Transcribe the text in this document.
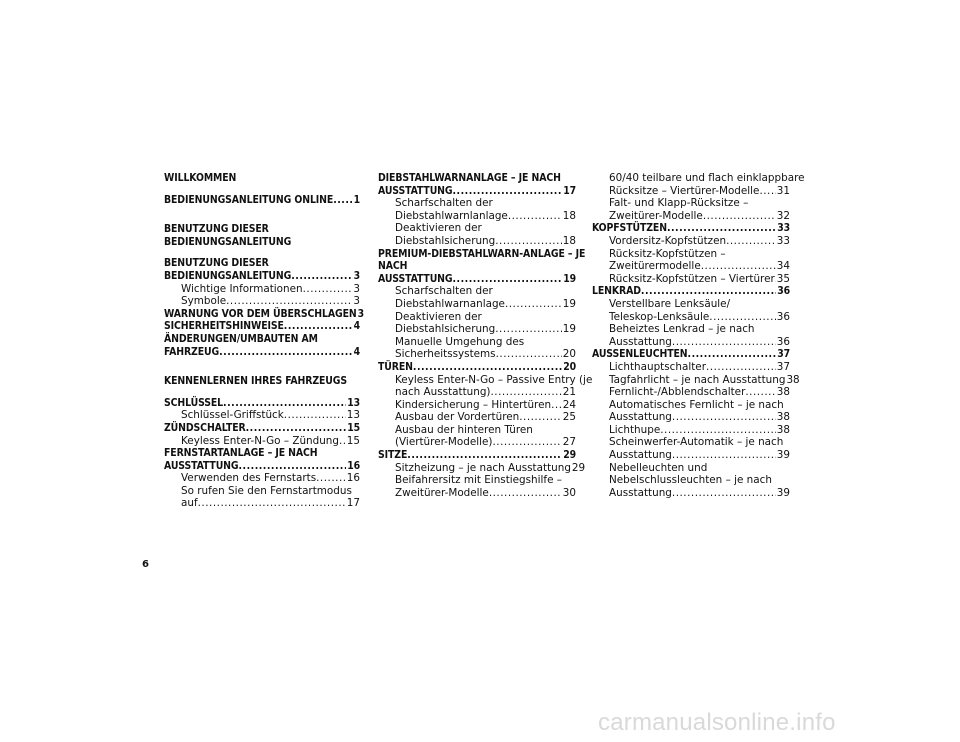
WILLKOMMEN
BEDIENUNGSANLEITUNG ONLINE ..... 1
BENUTZUNG DIESER
BEDIENUNGSANLEITUNG
BENUTZUNG DIESER
BEDIENUNGSANLEITUNG .....	3
Wichtige Informationen .....	3
Symbole .....	3
WARNUNG VOR DEM ÜBERSCHLAGEN 3
SICHERHEITSHINWEISE .....	4
ÄNDERUNGEN/UMBAUTEN AM
FAHRZEUG .....	4
KENNENLERNEN IHRES FAHRZEUGS
SCHLÜSSEL .....	13
Schlüssel-Griffstück .....	13
ZÜNDSCHALTER .....	15
Keyless Enter-N-Go – Zündung ..... 15
FERNSTARTANLAGE – JE NACH
AUSSTATTUNG .....	16
Verwenden des Fernstarts .....	16
So rufen Sie den Fernstartmodus
auf .....	17
DIEBSTAHLWARNANLAGE – JE NACH
AUSSTATTUNG .....	17
Scharfschalten der
Diebstahlwarnlanlage .....	18
Deaktivieren der
Diebstahlsicherung .....	18
PREMIUM-DIEBSTAHLWARN-ANLAGE – JE
NACH
AUSSTATTUNG .....	19
Scharfschalten der
Diebstahlwarnanlage .....	19
Deaktivieren der
Diebstahlsicherung .....	19
Manuelle Umgehung des
Sicherheitssystems .....	20
TÜREN .....	20
Keyless Enter-N-Go – Passive Entry (je
nach Ausstattung) .....	21
Kindersicherung – Hintertüren ..... 24
Ausbau der Vordertüren .....	25
Ausbau der hinteren Türen
(Viertürer-Modelle) .....	27
SITZE .....	29
Sitzheizung – je nach Ausstattung 29
Beifahrersitz mit Einstiegshilfe –
Zweitürer-Modelle .....	30
60/40 teilbare und flach einklappbare
Rücksitze – Viertürer-Modelle ..... 31
Falt- und Klapp-Rücksitze –
Zweitürer-Modelle .....	32
KOPFSTÜTZEN .....	33
Vordersitz-Kopfstützen .....	33
Rücksitz-Kopfstützen –
Zweitürermodelle .....	34
Rücksitz-Kopfstützen – Viertürer ..... 35
LENKRAD .....	36
Verstellbare Lenksäule/
Teleskop-Lenksäule .....	36
Beheiztes Lenkrad – je nach
Ausstattung .....	36
AUSSENLEUCHTEN .....	37
Lichthauptschalter .....	37
Tagfahrlicht – je nach Ausstattung 38
Fernlicht-/Abblendschalter .....	38
Automatisches Fernlicht – je nach
Ausstattung .....	38
Lichthupe .....	38
Scheinwerfer-Automatik – je nach
Ausstattung .....	39
Nebelleuchten und
Nebelschlussleuchten – je nach
Ausstattung .....	39
6
carmanualsonline.info
